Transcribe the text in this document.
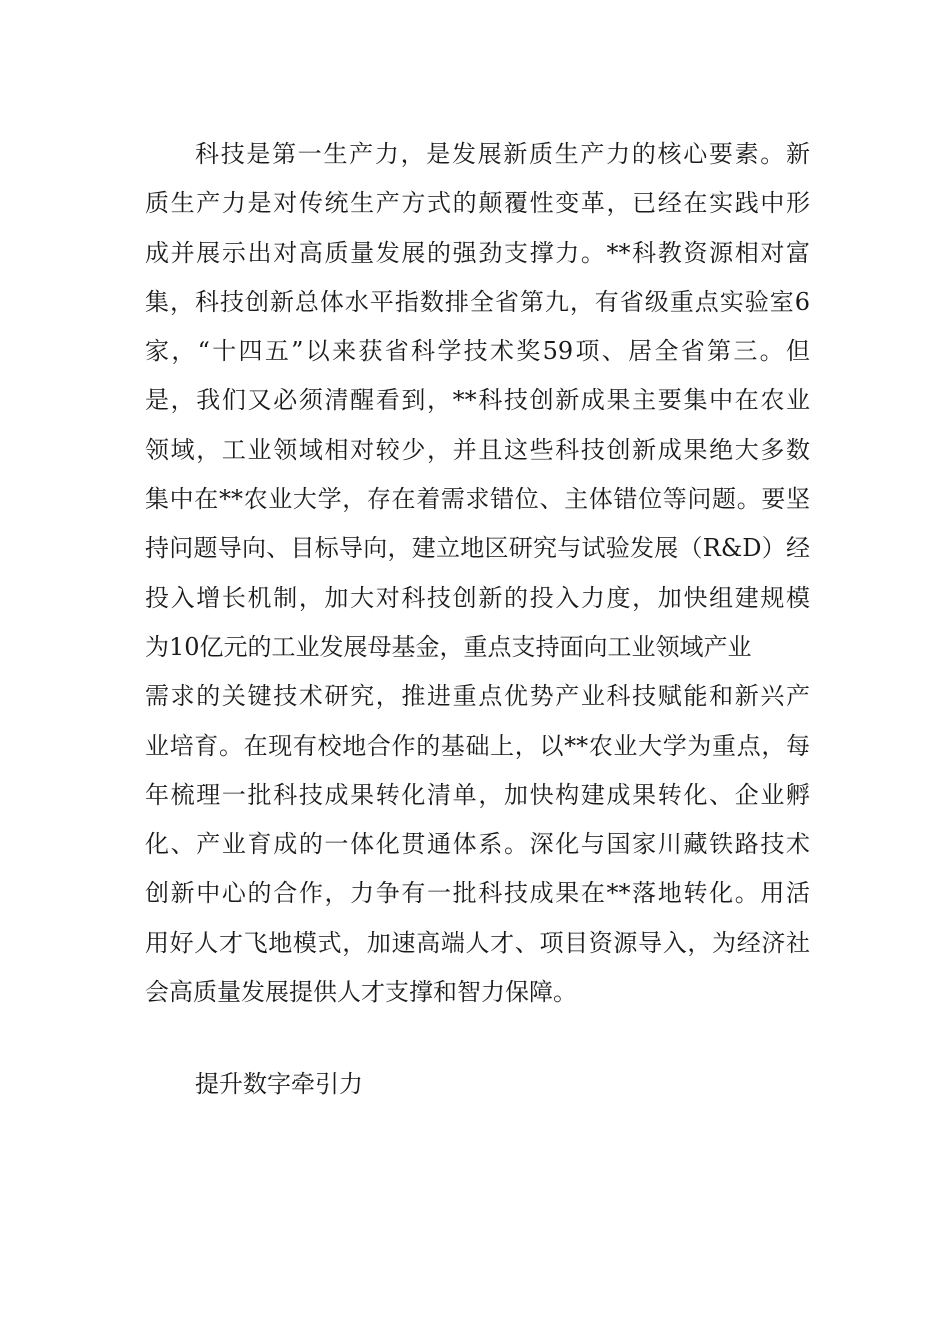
科技是第一生产力，是发展新质生产力的核心要素。新
质生产力是对传统生产方式的颠覆性变革，已经在实践中形
成并展示出对高质量发展的强劲支撑力。**科教资源相对富
集，科技创新总体水平指数排全省第九，有省级重点实验室6
家，“十四五”以来获省科学技术奖59项、居全省第三。但
是，我们又必须清醒看到，**科技创新成果主要集中在农业
领域，工业领域相对较少，并且这些科技创新成果绝大多数
集中在**农业大学，存在着需求错位、主体错位等问题。要坚
持问题导向、目标导向，建立地区研究与试验发展（R&D）经
投入增长机制，加大对科技创新的投入力度，加快组建规模
为10亿元的工业发展母基金，重点支持面向工业领域产业
需求的关键技术研究，推进重点优势产业科技赋能和新兴产
业培育。在现有校地合作的基础上，以**农业大学为重点，每
年梳理一批科技成果转化清单，加快构建成果转化、企业孵
化、产业育成的一体化贯通体系。深化与国家川藏铁路技术
创新中心的合作，力争有一批科技成果在**落地转化。用活
用好人才飞地模式，加速高端人才、项目资源导入，为经济社
会高质量发展提供人才支撑和智力保障。
提升数字牵引力
